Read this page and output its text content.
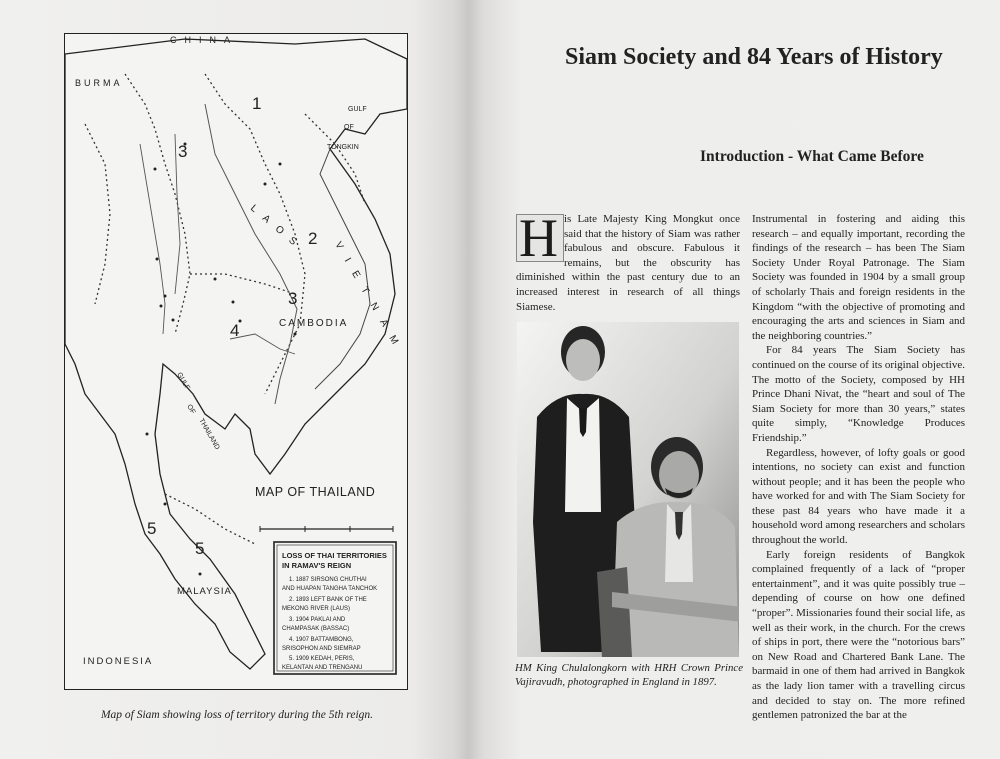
CHINA
BURMA
CAMBODIA
MALAYSIA
INDONESIA
VIETNAM
LAOS
GULF
OF
TONGKIN
GULF
OF
THAILAND
1
2
3
3
4
5
5
MAP OF THAILAND
LOSS OF THAI TERRITORIES
IN RAMAV'S REIGN
1. 1887 SIRSONG CHUTHAI
AND HUAPAN TANGHA TANCHOK
2. 1893 LEFT BANK OF THE
MEKONG RIVER (LAUS)
3. 1904 PAKLAI AND
CHAMPASAK (BASSAC)
4. 1907 BATTAMBONG,
SRISOPHON AND SIEMRAP
5. 1909 KEDAH, PERIS,
KELANTAN AND TRENGANU
Map of Siam showing loss of territory during the 5th reign.
Siam Society and 84 Years of History
Introduction - What Came Before

H is Late Majesty King Mongkut once said that the history of Siam was rather fabulous and obscure. Fabulous it remains, but the obscurity has diminished within the past century due to an increased interest in research of all things Siamese.

HM King Chulalongkorn with HRH Crown Prince Vajiravudh, photographed in England in 1897.

Instrumental in fostering and aiding this research – and equally important, recording the findings of the research – has been The Siam Society Under Royal Patronage. The Siam Society was founded in 1904 by a small group of scholarly Thais and foreign residents in the Kingdom “with the objective of promoting and encouraging the arts and sciences in Siam and the neighboring countries.”

For 84 years The Siam Society has continued on the course of its original objective. The motto of the Society, composed by HH Prince Dhani Nivat, the “heart and soul of The Siam Society for more than 30 years,” states quite simply, “Knowledge Produces Friendship.”

Regardless, however, of lofty goals or good intentions, no society can exist and function without people; and it has been the people who have worked for and with The Siam Society for these past 84 years who have made it a household word among researchers and scholars throughout the world.

Early foreign residents of Bangkok complained frequently of a lack of “proper entertainment”, and it was quite possibly true – depending of course on how one defined “proper”. Missionaries found their social life, as well as their work, in the church. For the crews of ships in port, there were the “notorious bars” on New Road and Chartered Bank Lane. The barmaid in one of them had arrived in Bangkok as the lady lion tamer with a travelling circus and decided to stay on. The more refined gentlemen patronized the bar at the
